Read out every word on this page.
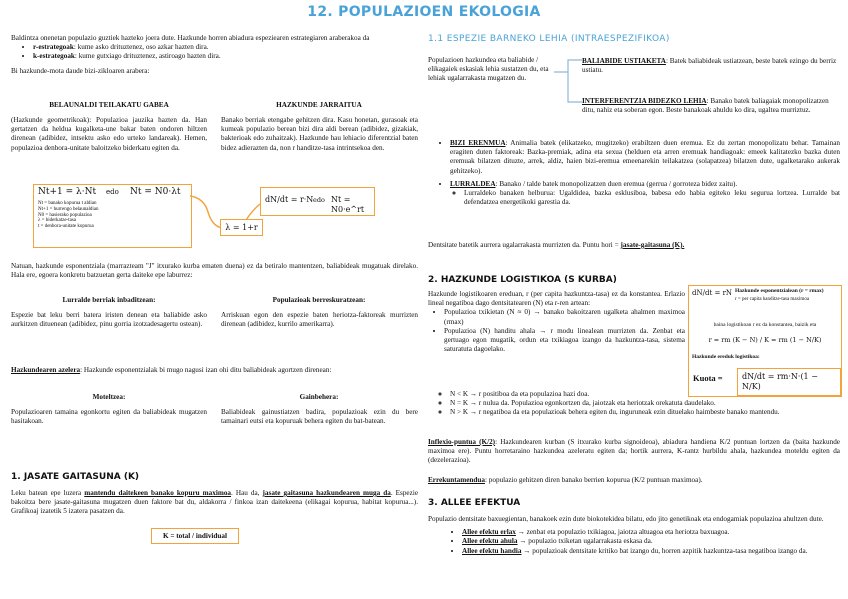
12. POPULAZIOEN EKOLOGIA

Baldintza onenetan populazio guztiek hazteko joera dute. Hazkunde horren abiadura espeziearen estrategiaren araberakoa da

• r-estrategoak: kume asko drituztenez, oso azkar hazten dira.
• k-estrategoak: kume gutxiago drituztenez, astiroago hazten dira.

Bi hazkunde-mota daude bizi-zikloaren arabera:

BELAUNALDI TEILAKATU GABEA	HAZKUNDE JARRAITUA
(Hazkunde geometrikoak): Populazioa jauzika hazten da. Han gertatzen da heldua kugalketa-une bakar baten ondoren hiltzen direnean (adibidez, intsektu asko edo urteko landareak). Hemen, populazioa denbora-unitate baloitzeko biderkatu egiten da.
Banako berriak etengabe gehitzen dira. Kasu honetan, gurasoak eta kumeak populazio berean bizi dira aldi berean (adibidez, gizakiak, bakterioak edo zuhaitzak). Hazkunde hau lehiacio diferentzial baten bidez adierazten da, non r handitze-tasa intrintsekoa den.
Nt+1 = λ·Nt edo Nt = N0·λt
Nt = banako kopurua t aldian
Nt+1 = hurrengo belaunaldian
N0 = hasierako populazioa
λ = biderkatze-tasa
t = denbora-unitate kopurua
dN/dt = r·N edo Nt = N0·e^rt
λ = 1+r
Natuan, hazkunde esponentziala (marrazteam "J" itxurako kurba ematen duena) ez da betiralo mantentzen, baliabideak mugatuak direlako. Hala ere, egoera konkretu batzuetan gerta daiteke epe laburrez:
Lurralde berriak inbaditzean:	Populazioak berreskuratzean:
Espezie bat leku berri batera iristen denean eta baliabide asko aurkitzen dituenean (adibidez, pinu gorria izotzadesagertu ostean).
Arriskuan egon den espezie baten heriotza-faktoreak murrizten direnean (adibidez, kurrilo amerikarra).
Hazkundearen azelera: Hazkunde esponentzialak bi mugo nagusi izan ohi ditu baliabideak agortzen direnean:
Moteltzea:	Gainbehera:
Populazioaren tamaina egonkortu egiten da baliabideak mugatzen hasitakoan.
Baliabideak gainustiatzen badira, populazioak ezin du bere tamainari eutsi eta kopuruak behera egiten du bat-batean.
1. JASATE GAITASUNA (K)
Leku batean epe luzera mantendu daitekeen banako kopuru maximoa. Hau da, jasate gaitasuna hazkundearen muga da. Espezie bakoitza bere jasate-gaitasuna mugatzen duen faktore bat du, aldakorra / finkoa izan daitekeena (elikagai kopurua, habitat kopurua...). Grafikoaj izatetik 5 izatera pasatzen da.
K = total / individual
1.1 ESPEZIE BARNEKO LEHIA (INTRAESPEZIFIKOA)
Populazioen hazkundea eta baliabide / elikagaiek eskasiak lehia sustatzen du, eta lehiak ugalarrakasta mugatzen du.
BALIABIDE USTIAKETA: Batek baliabideak ustiatzean, beste batek ezingo du berriz ustiatu.
INTERFERENTZIA BIDEZKO LEHIA: Banako batek baliagaiak monopolizatzen ditu, nahiz eta soberan egon. Beste banakoak ahuldu ko dira, ugaltea murriztuz.
• BIZI ERENMUA: Animalia batek (elikatzeko, mugitzeko) erabiltzen duen eremua. Ez du zertan monopolizatu behar. Tamainan eragiten duten faktoreak: Bazka-premiak, adina eta sexua (helduen eta arren eremuak handiagoak: emeek kalitatezko bazka duten eremuak bilatzen dituzte, arrek, aldiz, haien bizi-eremua emeenarekin teilakatzea (solapatzea) bilatzen dute, ugalketarako aukerak gehitzeko).
• LURRALDEA: Banako / talde batek monopolizatzen duen eremua (gerrua / gorroteza bidez zaitu).
◦ Lurraldeko banaken helburua: Ugaldidea, bazka esklusiboa, babesa edo habia egiteko leku segurua lortzea. Lurralde bat defendatzea energetikoki garestia da.
Dentsitate batetik aurrera ugalarrakasta murrizten da. Puntu hori = jasate-gaitasuna (K).
2. HAZKUNDE LOGISTIKOA (S KURBA)

Hazkunde logistikoaren ereduan, r (per capita hazkuntza-tasa) ez da konstantea. Erlazio lineal negatiboa dago dentsitatearen (N) eta r-ren artean:

• Populazioa txikietan (N ≈ 0) → banako bakoitzaren ugalketa ahalmen maximoa (rmax)
• Populazioa (N) handitu ahala → r modu linealean murrizten da. Zenbat eta gertuago egon mugatik, ordun eta txikiagoa izango da hazkuntza-tasa, sistema saturatuta dagoelako.
dN/dt = rN Hazkunde esponentzialean (r = rmax)
r = per capita handitze-tasa maximoa
baina logistikoan r ez da konstantea, baizik eta
r = rm (K − N) / K = rm (1 − N/K)
Hazkunde ereduk logistikoa:
Kuota =	dN/dt = rm·N·(1 − N/K)
◦ N < K → r positiboa da eta populazioa hazi doa.
◦ N = K → r nulua da. Populazioa egonkortzen da, jaiotzak eta heriotzak orekatuta daudelako.
◦ N > K → r negatiboa da eta populazioak behera egiten du, inguruneak ezin dituelako haimbeste banako mantendu.
Inflexio-puntua (K/2): Hazkundearen kurban (S itxurako kurba signoideoa), abiadura handiena K/2 puntuan lortzen da (baita hazkunde maximoa ere). Puntu horretaraino hazkundea azeleratu egiten da; hortik aurrera, K-rantz hurbildu ahala, hazkundea moteldu egiten da (dezelerazioa).
Errekuntamendua: populazio gehitzen diren banako berrien kopurua (K/2 puntuan maximoa).
3. ALLEE EFEKTUA

Populazio dentsitate baxuegientan, banakoek ezin dute biokotekidea bilatu, edo jito genetikoak eta endogamiak populazioa ahultzen dute.

• Allee efektu erlax → zenbat eta populazio txikiagoa, jaiotza altuagoa eta heriotza baxuagoa.
• Allee efektu ahula → populazio txiketan ugalarrakasta eskasa da.
• Allee efektu handia → populazioak dentsitate kritiko bat izango du, horren azpitik hazkuntza-tasa negatiboa izango da.
